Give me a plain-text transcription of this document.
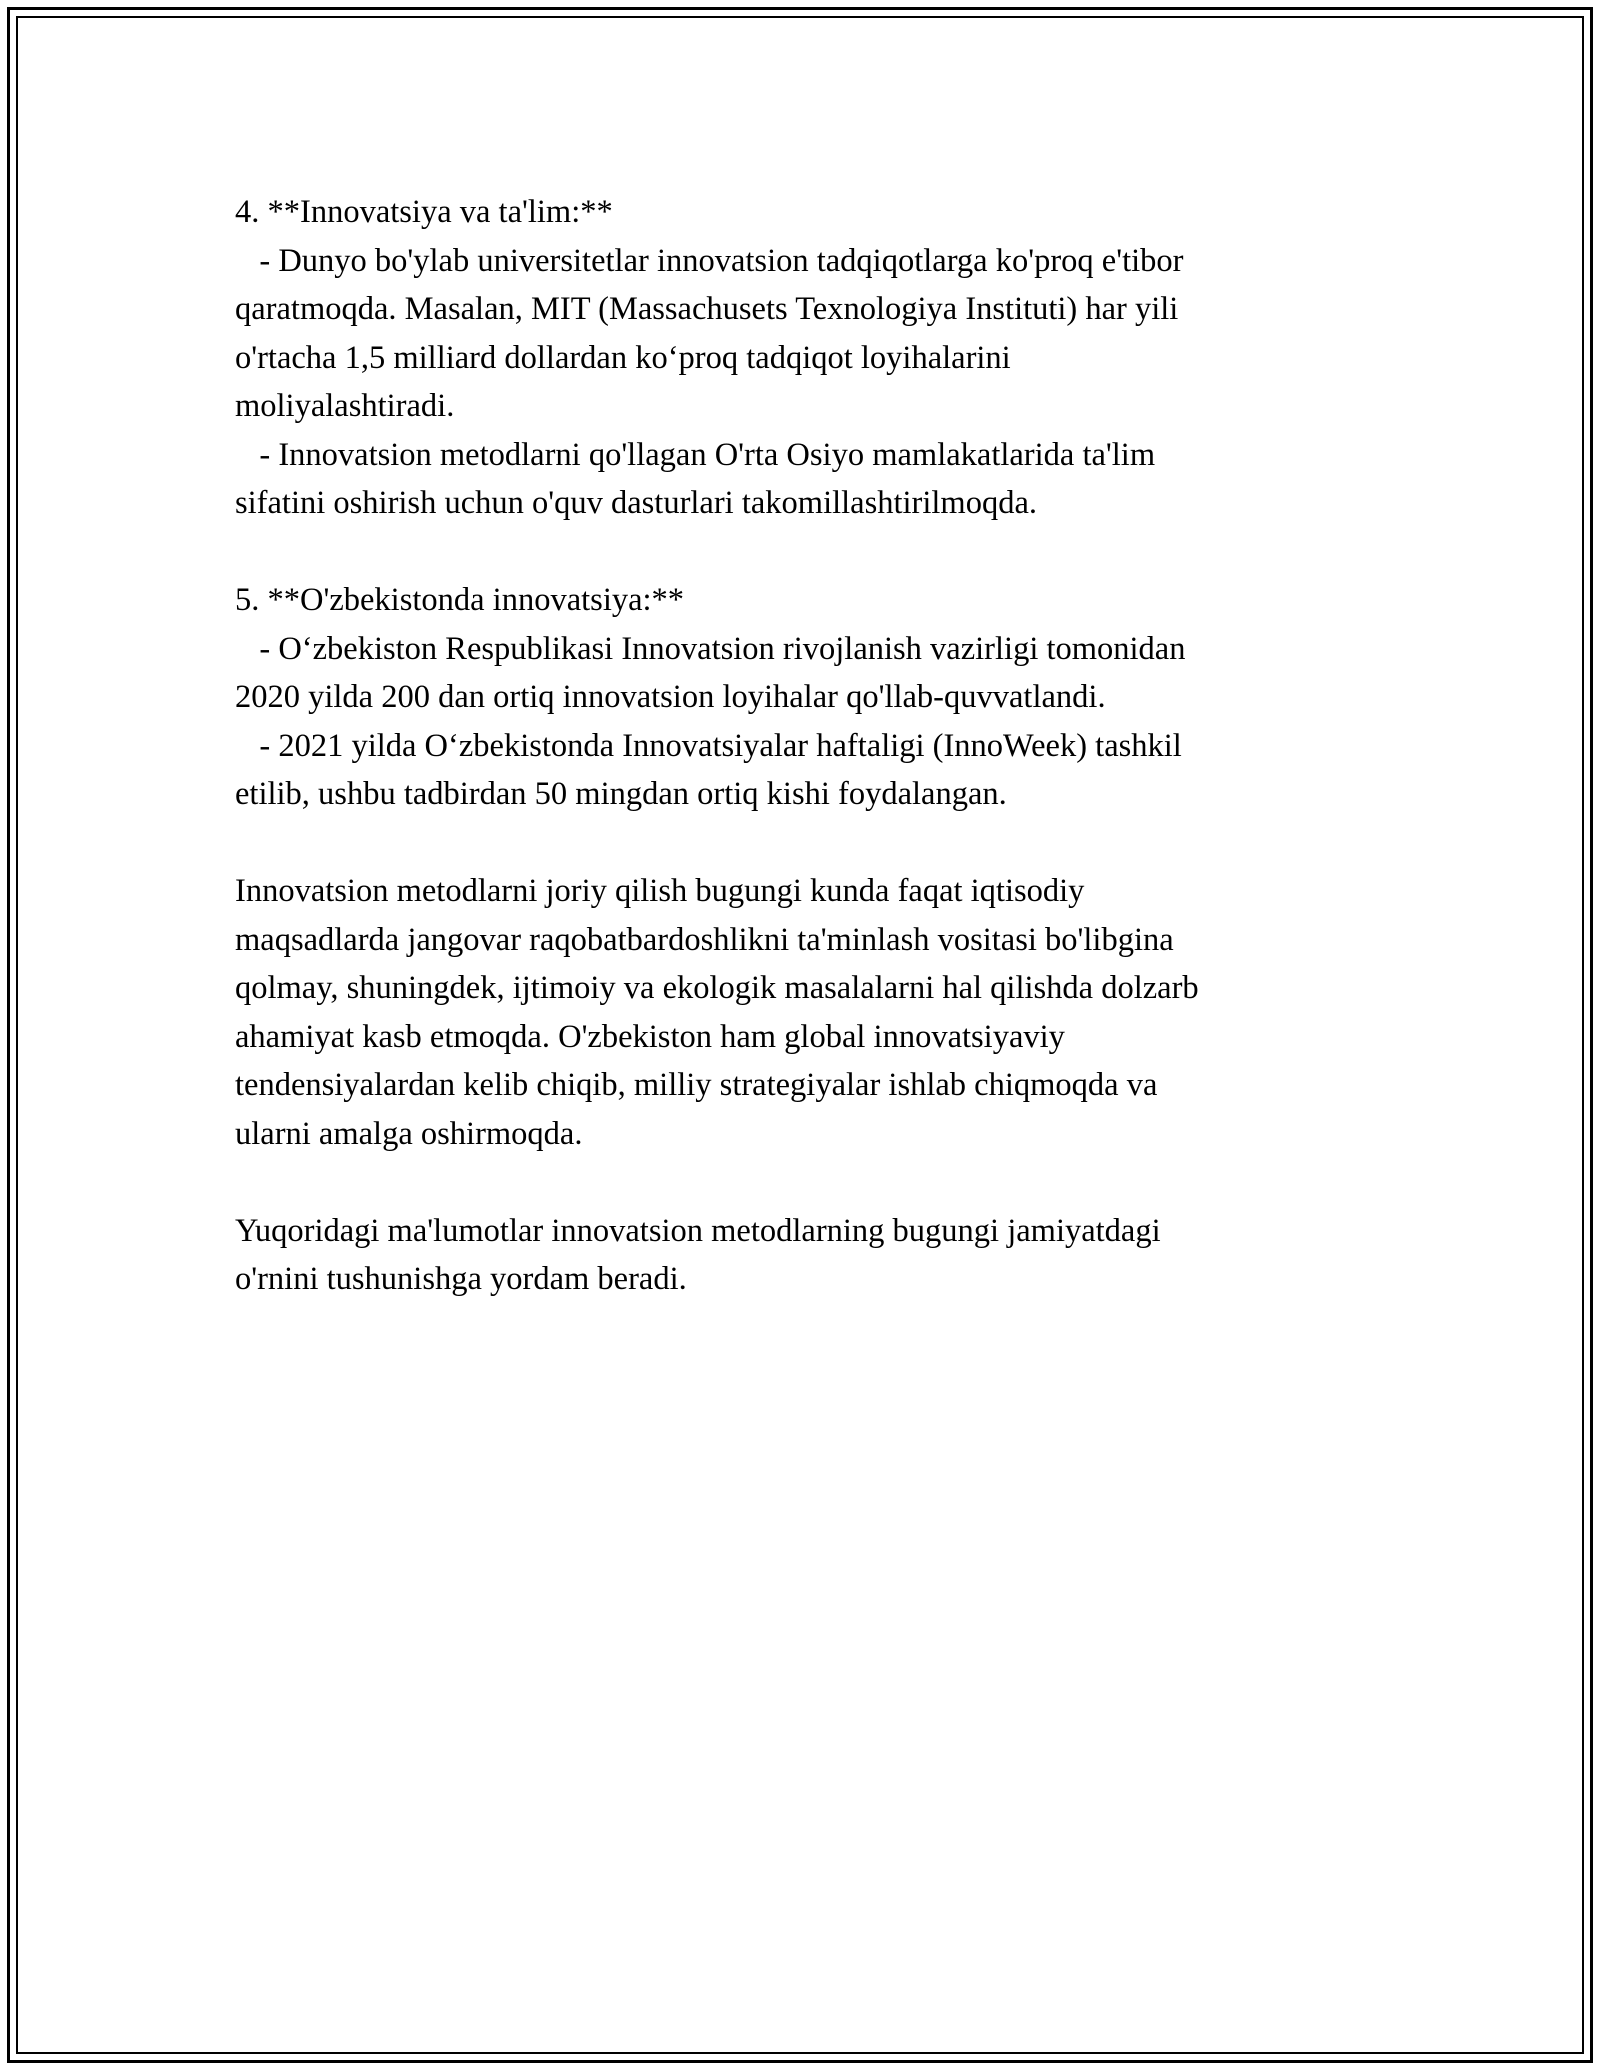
4. **Innovatsiya va ta'lim:**
- Dunyo bo'ylab universitetlar innovatsion tadqiqotlarga ko'proq e'tibor
qaratmoqda. Masalan, MIT (Massachusets Texnologiya Instituti) har yili
o'rtacha 1,5 milliard dollardan ko‘proq tadqiqot loyihalarini
moliyalashtiradi.
- Innovatsion metodlarni qo'llagan O'rta Osiyo mamlakatlarida ta'lim
sifatini oshirish uchun o'quv dasturlari takomillashtirilmoqda.
5. **O'zbekistonda innovatsiya:**
- O‘zbekiston Respublikasi Innovatsion rivojlanish vazirligi tomonidan
2020 yilda 200 dan ortiq innovatsion loyihalar qo'llab-quvvatlandi.
- 2021 yilda O‘zbekistonda Innovatsiyalar haftaligi (InnoWeek) tashkil
etilib, ushbu tadbirdan 50 mingdan ortiq kishi foydalangan.
Innovatsion metodlarni joriy qilish bugungi kunda faqat iqtisodiy
maqsadlarda jangovar raqobatbardoshlikni ta'minlash vositasi bo'libgina
qolmay, shuningdek, ijtimoiy va ekologik masalalarni hal qilishda dolzarb
ahamiyat kasb etmoqda. O'zbekiston ham global innovatsiyaviy
tendensiyalardan kelib chiqib, milliy strategiyalar ishlab chiqmoqda va
ularni amalga oshirmoqda.
Yuqoridagi ma'lumotlar innovatsion metodlarning bugungi jamiyatdagi
o'rnini tushunishga yordam beradi.
